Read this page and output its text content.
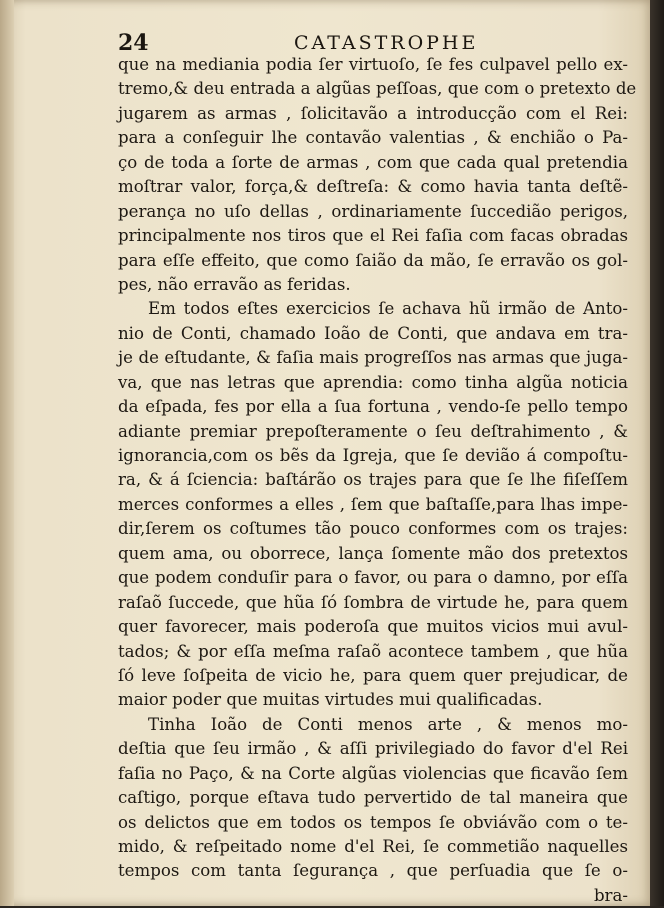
24	CATASTROPHE
que na mediania podia ſer virtuoſo, ſe fes culpavel pello ex-
tremo,& deu entrada a algũas peſſoas, que com o pretexto de
jugarem as armas , ſolicitavão a introducção com el Rei:
para a conſeguir lhe contavão valentias , & enchião o Pa-
ço de toda a ſorte de armas , com que cada qual pretendia
moſtrar valor, força,& deſtreſa: & como havia tanta deſtẽ-
perança no uſo dellas , ordinariamente ſuccedião perigos,
principalmente nos tiros que el Rei faſia com facas obradas
para eſſe effeito, que como ſaião da mão, ſe erravão os gol-
pes, não erravão as feridas.
Em todos eſtes exercicios ſe achava hũ irmão de Anto-
nio de Conti, chamado Ioão de Conti, que andava em tra-
je de eſtudante, & faſia mais progreſſos nas armas que juga-
va, que nas letras que aprendia: como tinha algũa noticia
da eſpada, fes por ella a ſua fortuna , vendo-ſe pello tempo
adiante premiar prepoſteramente o ſeu deſtrahimento , &
ignorancia,com os bẽs da Igreja, que ſe devião á compoſtu-
ra, & á ſciencia: baſtárão os trajes para que ſe lhe fiſeſſem
merces conformes a elles , ſem que baſtaſſe,para lhas impe-
dir,ſerem os coſtumes tão pouco conformes com os trajes:
quem ama, ou oborrece, lança ſomente mão dos pretextos
que podem conduſir para o favor, ou para o damno, por eſſa
raſaõ ſuccede, que hũa ſó ſombra de virtude he, para quem
quer favorecer, mais poderoſa que muitos vicios mui avul-
tados; & por eſſa meſma raſaõ acontece tambem , que hũa
ſó leve ſoſpeita de vicio he, para quem quer prejudicar, de
maior poder que muitas virtudes mui qualificadas.
Tinha Ioão de Conti menos arte , & menos mo-
deſtia que ſeu irmão , & aſſi privilegiado do favor d'el Rei
faſia no Paço, & na Corte algũas violencias que ficavão ſem
caſtigo, porque eſtava tudo pervertido de tal maneira que
os delictos que em todos os tempos ſe obviávão com o te-
mido, & reſpeitado nome d'el Rei, ſe commetião naquelles
tempos com tanta ſegurança , que perſuadia que ſe o-
bra-
